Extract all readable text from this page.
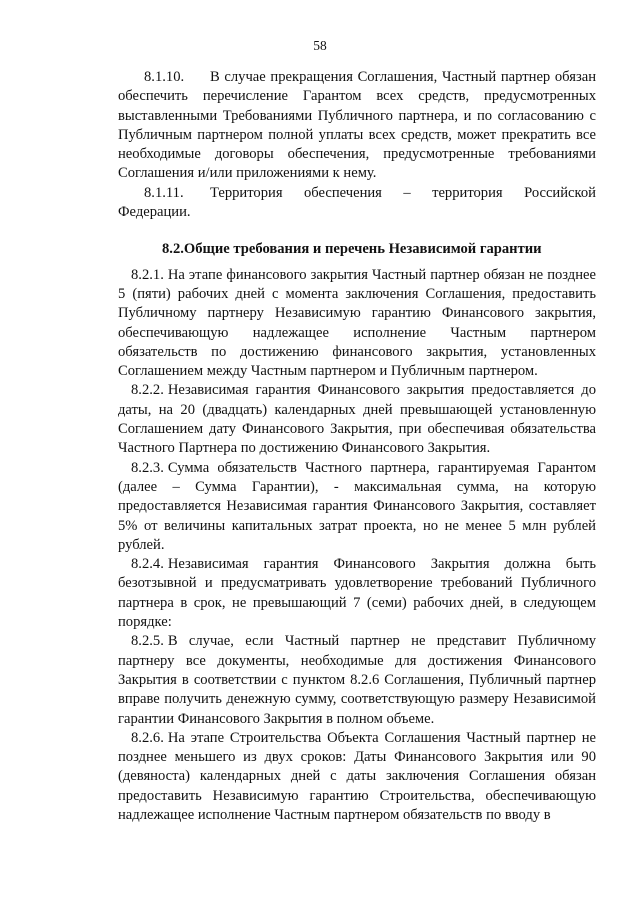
58

8.1.10. В случае прекращения Соглашения, Частный партнер обязан обеспечить перечисление Гарантом всех средств, предусмотренных выставленными Требованиями Публичного партнера, и по согласованию с Публичным партнером полной уплаты всех средств, может прекратить все необходимые договоры обеспечения, предусмотренные требованиями Соглашения и/или приложениями к нему.

8.1.11. Территория обеспечения – территория Российской Федерации.

8.2.Общие требования и перечень Независимой гарантии

8.2.1. На этапе финансового закрытия Частный партнер обязан не позднее 5 (пяти) рабочих дней с момента заключения Соглашения, предоставить Публичному партнеру Независимую гарантию Финансового закрытия, обеспечивающую надлежащее исполнение Частным партнером обязательств по достижению финансового закрытия, установленных Соглашением между Частным партнером и Публичным партнером.

8.2.2. Независимая гарантия Финансового закрытия предоставляется до даты, на 20 (двадцать) календарных дней превышающей установленную Соглашением дату Финансового Закрытия, при обеспечивая обязательства Частного Партнера по достижению Финансового Закрытия.

8.2.3. Сумма обязательств Частного партнера, гарантируемая Гарантом (далее – Сумма Гарантии), - максимальная сумма, на которую предоставляется Независимая гарантия Финансового Закрытия, составляет 5% от величины капитальных затрат проекта, но не менее 5 млн рублей рублей.

8.2.4. Независимая гарантия Финансового Закрытия должна быть безотзывной и предусматривать удовлетворение требований Публичного партнера в срок, не превышающий 7 (семи) рабочих дней, в следующем порядке:

8.2.5. В случае, если Частный партнер не представит Публичному партнеру все документы, необходимые для достижения Финансового Закрытия в соответствии с пунктом 8.2.6 Соглашения, Публичный партнер вправе получить денежную сумму, соответствующую размеру Независимой гарантии Финансового Закрытия в полном объеме.

8.2.6. На этапе Строительства Объекта Соглашения Частный партнер не позднее меньшего из двух сроков: Даты Финансового Закрытия или 90 (девяноста) календарных дней с даты заключения Соглашения обязан предоставить Независимую гарантию Строительства, обеспечивающую надлежащее исполнение Частным партнером обязательств по вводу в
